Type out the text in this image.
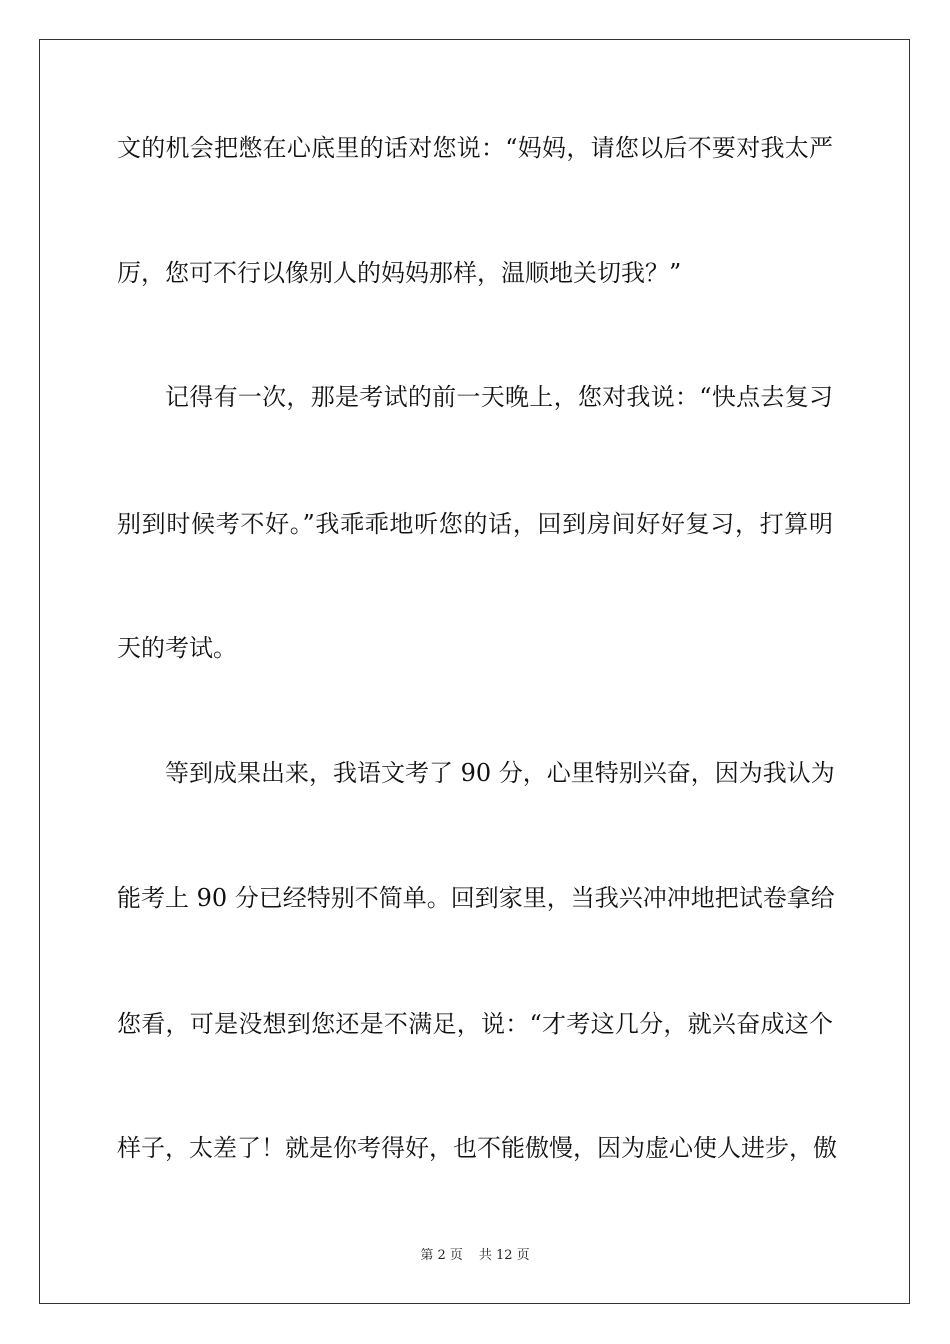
文的机会把憋在心底里的话对您说：“妈妈，请您以后不要对我太严
厉，您可不行以像别人的妈妈那样，温顺地关切我？”
记得有一次，那是考试的前一天晚上，您对我说：“快点去复习
别到时候考不好。”我乖乖地听您的话，回到房间好好复习，打算明
天的考试。
等到成果出来，我语文考了 90 分，心里特别兴奋，因为我认为
能考上 90 分已经特别不简单。回到家里，当我兴冲冲地把试卷拿给
您看，可是没想到您还是不满足，说：“才考这几分，就兴奋成这个
样子，太差了！就是你考得好，也不能傲慢，因为虚心使人进步，傲
第 2 页 共 12 页
